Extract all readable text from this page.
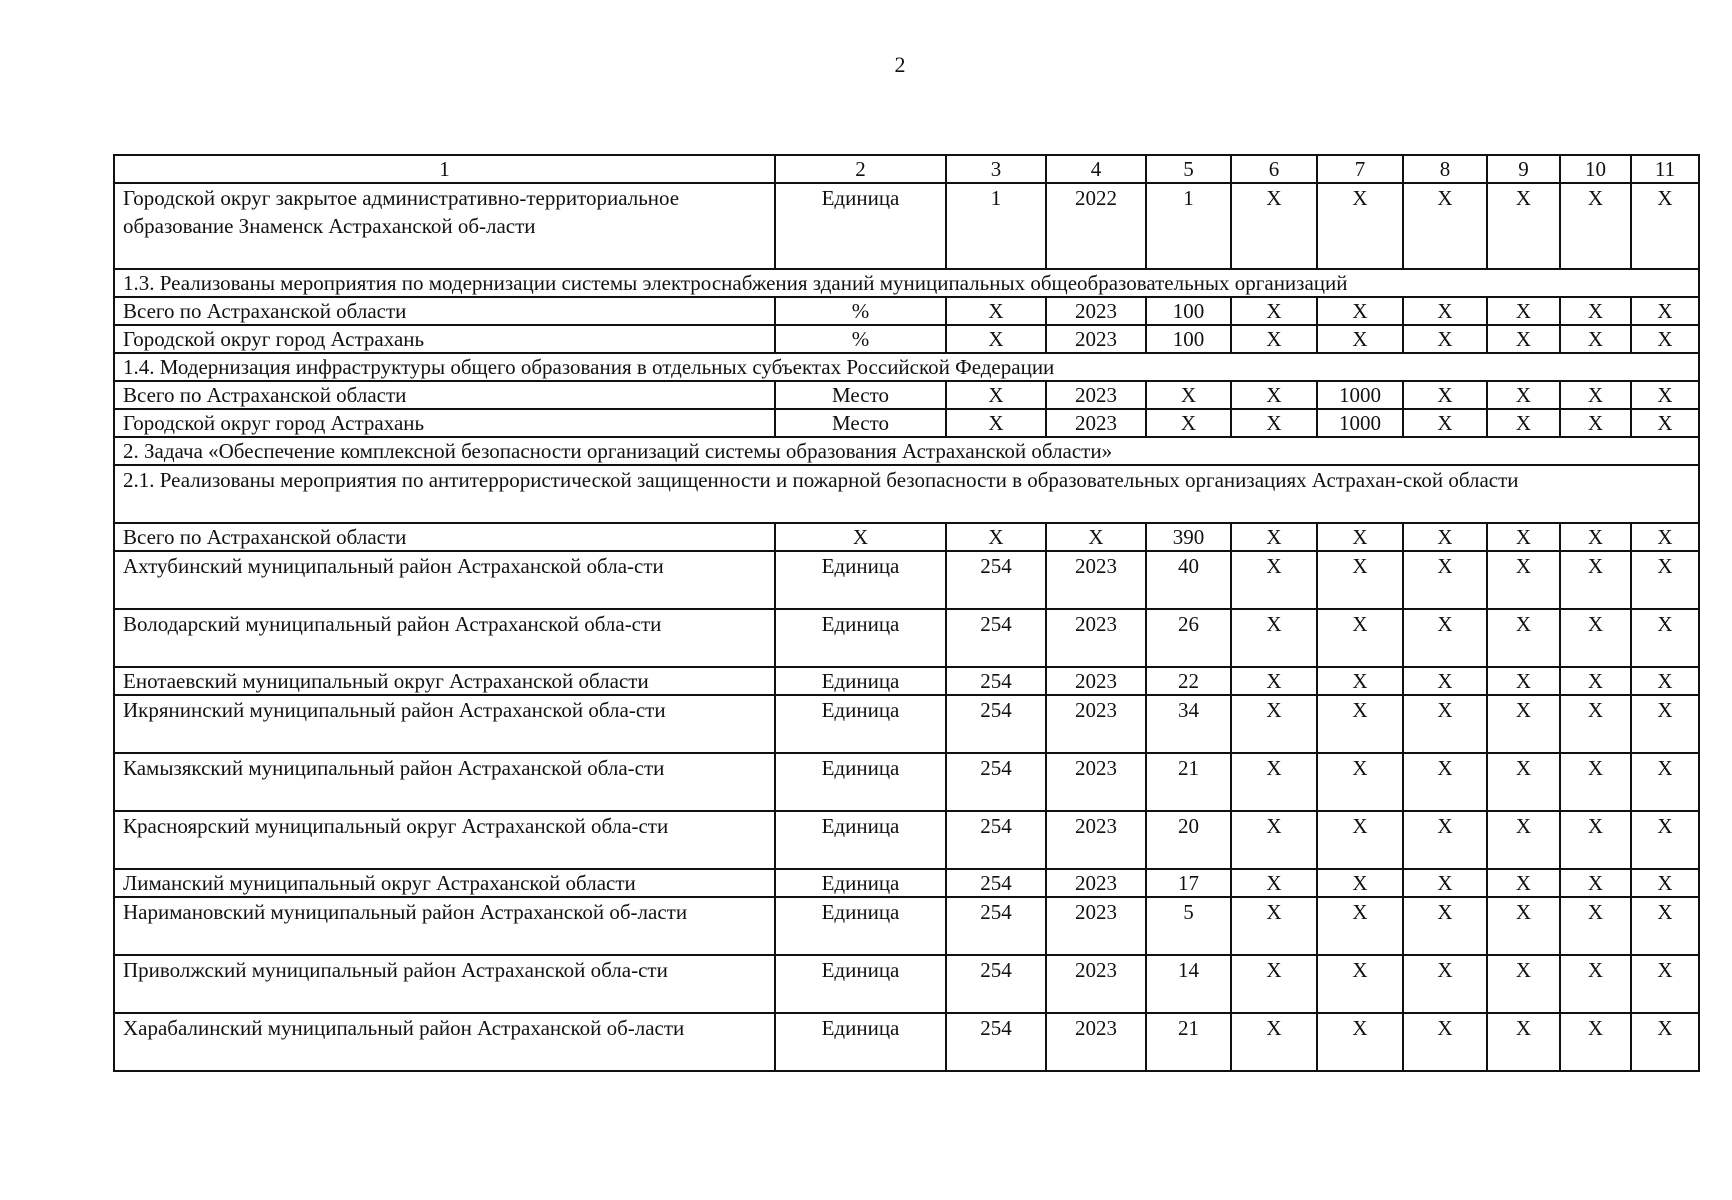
2
1	2	3	4	5	6	7	8	9	10	11
Городской округ закрытое административно-территориальное образование Знаменск Астраханской об-ласти	Единица	1	2022	1	Х	Х	Х	Х	Х	Х
1.3. Реализованы мероприятия по модернизации системы электроснабжения зданий муниципальных общеобразовательных организаций										
Всего по Астраханской области	%	Х	2023	100	Х	Х	Х	Х	Х	Х
Городской округ город Астрахань	%	Х	2023	100	Х	Х	Х	Х	Х	Х
1.4. Модернизация инфраструктуры общего образования в отдельных субъектах Российской Федерации										
Всего по Астраханской области	Место	Х	2023	Х	Х	1000	Х	Х	Х	Х
Городской округ город Астрахань	Место	Х	2023	Х	Х	1000	Х	Х	Х	Х
2. Задача «Обеспечение комплексной безопасности организаций системы образования Астраханской области»										
2.1. Реализованы мероприятия по антитеррористической защищенности и пожарной безопасности в образовательных организациях Астрахан-ской области										
Всего по Астраханской области	Х	Х	Х	390	Х	Х	Х	Х	Х	Х
Ахтубинский муниципальный район Астраханской обла-сти	Единица	254	2023	40	Х	Х	Х	Х	Х	Х
Володарский муниципальный район Астраханской обла-сти	Единица	254	2023	26	Х	Х	Х	Х	Х	Х
Енотаевский муниципальный округ Астраханской области	Единица	254	2023	22	Х	Х	Х	Х	Х	Х
Икрянинский муниципальный район Астраханской обла-сти	Единица	254	2023	34	Х	Х	Х	Х	Х	Х
Камызякский муниципальный район Астраханской обла-сти	Единица	254	2023	21	Х	Х	Х	Х	Х	Х
Красноярский муниципальный округ Астраханской обла-сти	Единица	254	2023	20	Х	Х	Х	Х	Х	Х
Лиманский муниципальный округ Астраханской области	Единица	254	2023	17	Х	Х	Х	Х	Х	Х
Наримановский муниципальный район Астраханской об-ласти	Единица	254	2023	5	Х	Х	Х	Х	Х	Х
Приволжский муниципальный район Астраханской обла-сти	Единица	254	2023	14	Х	Х	Х	Х	Х	Х
Харабалинский муниципальный район Астраханской об-ласти	Единица	254	2023	21	Х	Х	Х	Х	Х	Х
